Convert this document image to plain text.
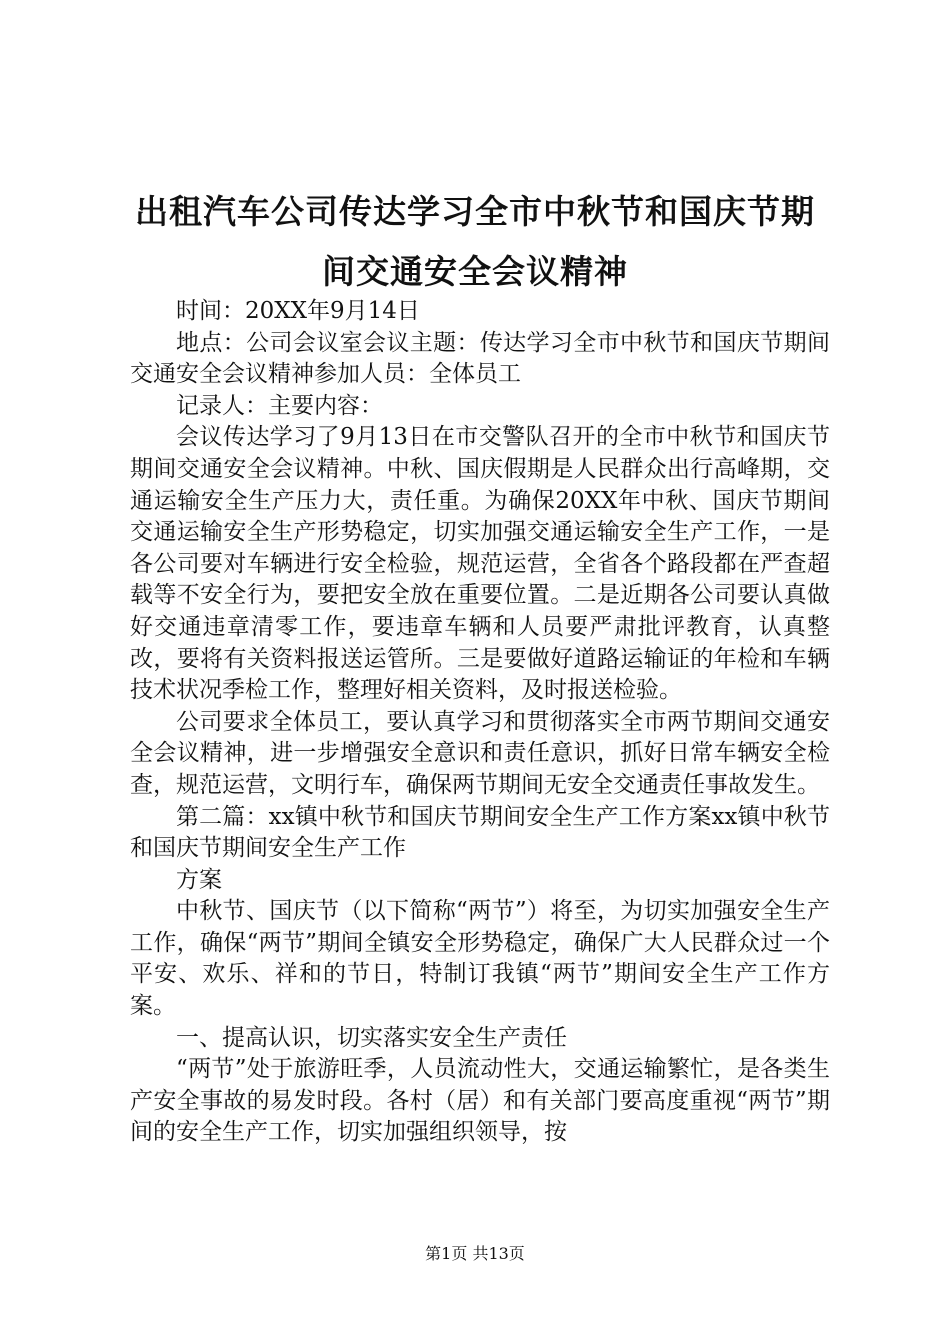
出租汽车公司传达学习全市中秋节和国庆节期间交通安全会议精神

时间：20XX年9月14日

地点：公司会议室会议主题：传达学习全市中秋节和国庆节期间交通安全会议精神参加人员：全体员工

记录人：主要内容：

会议传达学习了9月13日在市交警队召开的全市中秋节和国庆节期间交通安全会议精神。中秋、国庆假期是人民群众出行高峰期，交通运输安全生产压力大，责任重。为确保20XX年中秋、国庆节期间交通运输安全生产形势稳定，切实加强交通运输安全生产工作，一是各公司要对车辆进行安全检验，规范运营，全省各个路段都在严查超载等不安全行为，要把安全放在重要位置。二是近期各公司要认真做好交通违章清零工作，要违章车辆和人员要严肃批评教育，认真整改，要将有关资料报送运管所。三是要做好道路运输证的年检和车辆技术状况季检工作，整理好相关资料，及时报送检验。

公司要求全体员工，要认真学习和贯彻落实全市两节期间交通安全会议精神，进一步增强安全意识和责任意识，抓好日常车辆安全检查，规范运营，文明行车，确保两节期间无安全交通责任事故发生。

第二篇：xx镇中秋节和国庆节期间安全生产工作方案xx镇中秋节和国庆节期间安全生产工作

方案

中秋节、国庆节（以下简称“两节”）将至，为切实加强安全生产工作，确保“两节”期间全镇安全形势稳定，确保广大人民群众过一个平安、欢乐、祥和的节日，特制订我镇“两节”期间安全生产工作方案。

一、提高认识，切实落实安全生产责任

“两节”处于旅游旺季，人员流动性大，交通运输繁忙，是各类生产安全事故的易发时段。各村（居）和有关部门要高度重视“两节”期间的安全生产工作，切实加强组织领导，按

第1页 共13页
